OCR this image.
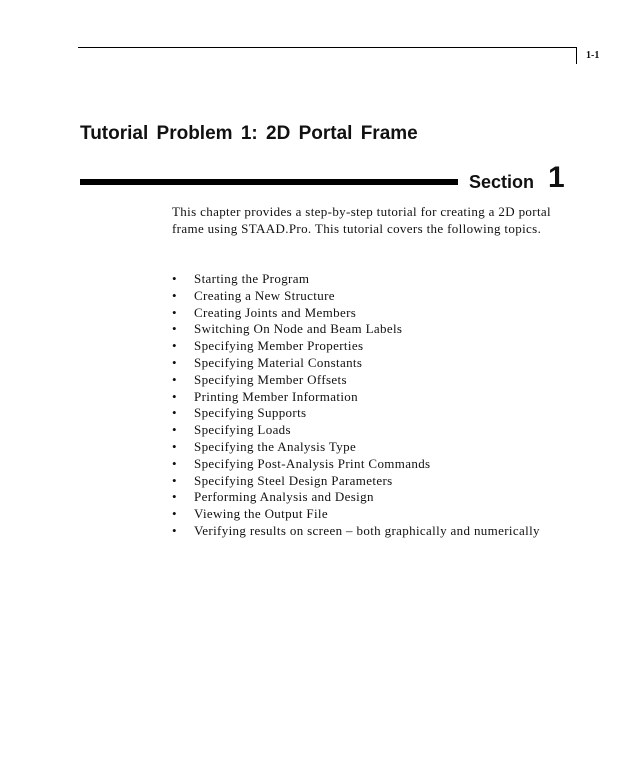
1-1
Tutorial Problem 1: 2D Portal Frame
Section 1

This chapter provides a step-by-step tutorial for creating a 2D portal frame using STAAD.Pro. This tutorial covers the following topics.

• Starting the Program
• Creating a New Structure
• Creating Joints and Members
• Switching On Node and Beam Labels
• Specifying Member Properties
• Specifying Material Constants
• Specifying Member Offsets
• Printing Member Information
• Specifying Supports
• Specifying Loads
• Specifying the Analysis Type
• Specifying Post-Analysis Print Commands
• Specifying Steel Design Parameters
• Performing Analysis and Design
• Viewing the Output File
• Verifying results on screen – both graphically and numerically
